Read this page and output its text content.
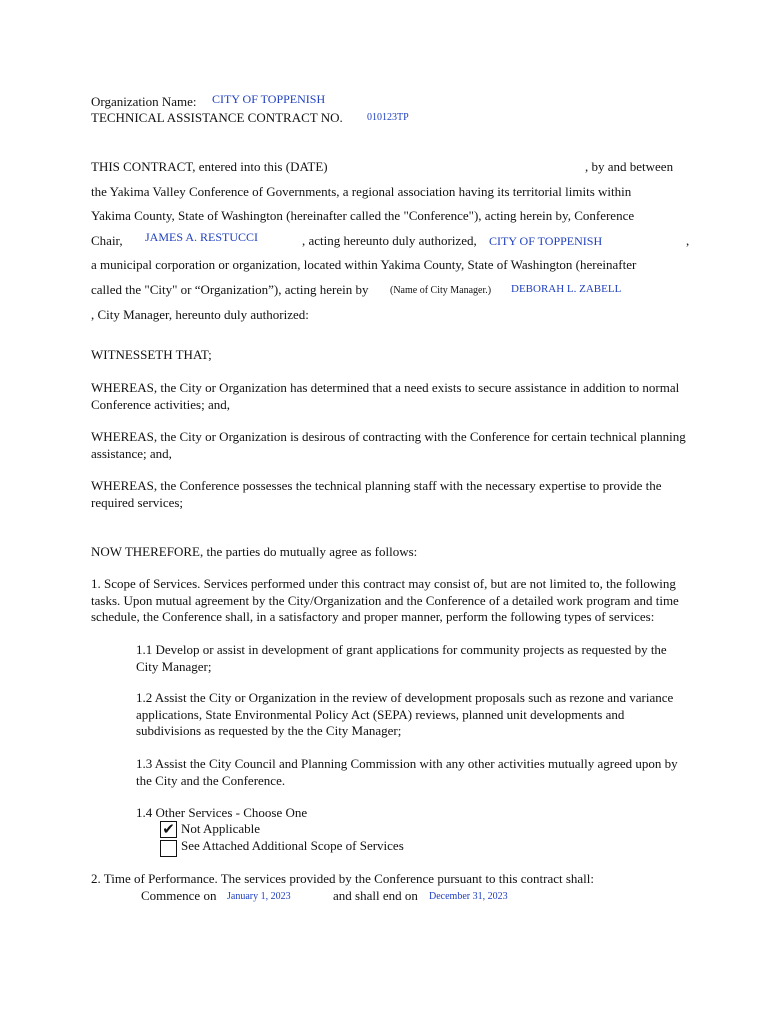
Organization Name: CITY OF TOPPENISH
TECHNICAL ASSISTANCE CONTRACT NO. 010123TP
THIS CONTRACT, entered into this (DATE)	, by and between
the Yakima Valley Conference of Governments, a regional association having its territorial limits within
Yakima County, State of Washington (hereinafter called the "Conference"), acting herein by, Conference
Chair, JAMES A. RESTUCCI	, acting hereunto duly authorized, CITY OF TOPPENISH	,
a municipal corporation or organization, located within Yakima County, State of Washington (hereinafter
called the "City" or “Organization”), acting herein by (Name of City Manager.) DEBORAH L. ZABELL
, City Manager, hereunto duly authorized:
WITNESSETH THAT;
WHEREAS, the City or Organization has determined that a need exists to secure assistance in addition to normal Conference activities; and,
WHEREAS, the City or Organization is desirous of contracting with the Conference for certain technical planning assistance; and,
WHEREAS, the Conference possesses the technical planning staff with the necessary expertise to provide the required services;
NOW THEREFORE, the parties do mutually agree as follows:
1. Scope of Services. Services performed under this contract may consist of, but are not limited to, the following tasks. Upon mutual agreement by the City/Organization and the Conference of a detailed work program and time schedule, the Conference shall, in a satisfactory and proper manner, perform the following types of services:
1.1 Develop or assist in development of grant applications for community projects as requested by the City Manager;
1.2 Assist the City or Organization in the review of development proposals such as rezone and variance applications, State Environmental Policy Act (SEPA) reviews, planned unit developments and subdivisions as requested by the the City Manager;
1.3 Assist the City Council and Planning Commission with any other activities mutually agreed upon by the City and the Conference.
1.4 Other Services - Choose One
✔ Not Applicable
See Attached Additional Scope of Services
2. Time of Performance. The services provided by the Conference pursuant to this contract shall:
Commence on January 1, 2023	and shall end on December 31, 2023
